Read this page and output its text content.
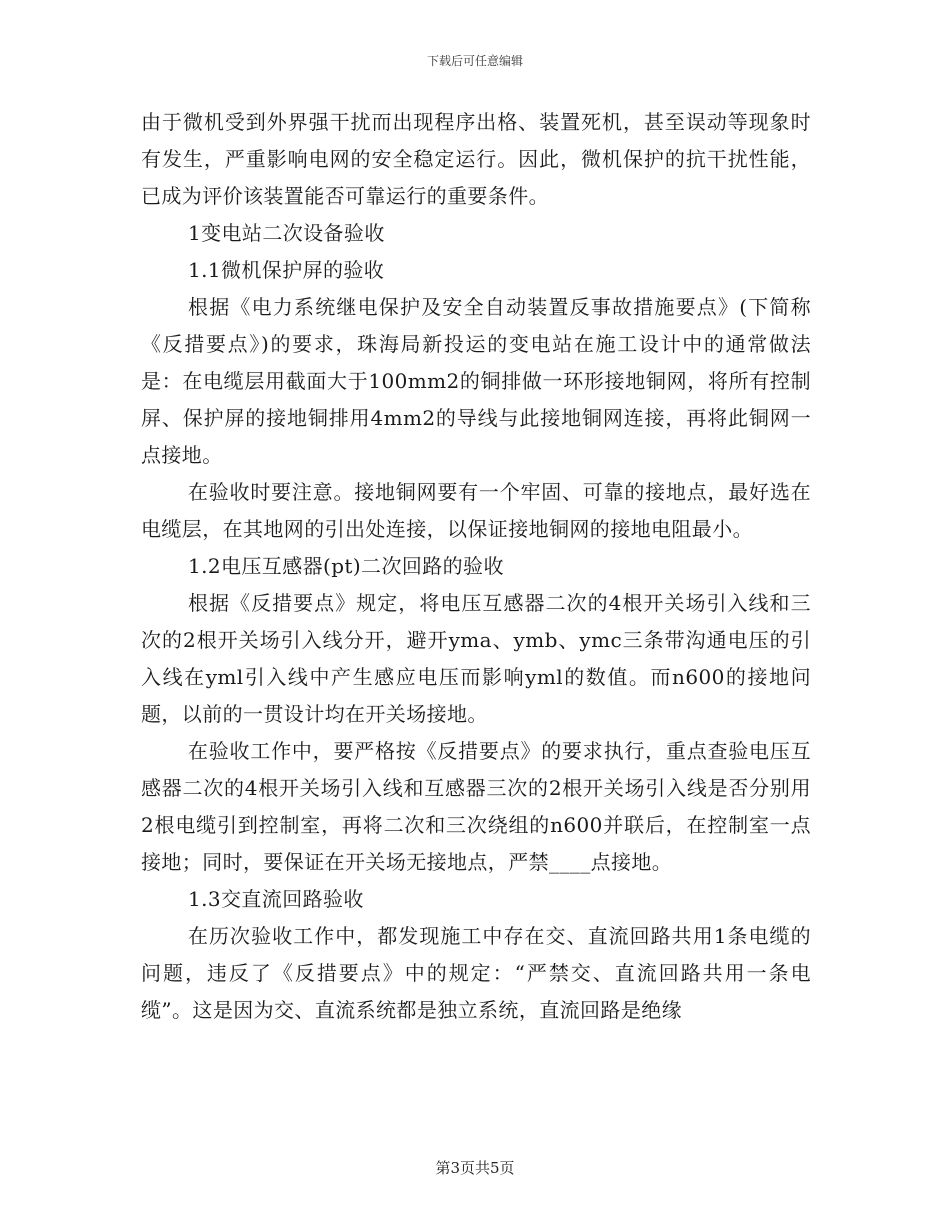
下载后可任意编辑

由于微机受到外界强干扰而出现程序出格、装置死机，甚至误动等现象时有发生，严重影响电网的安全稳定运行。因此，微机保护的抗干扰性能，已成为评价该装置能否可靠运行的重要条件。

1变电站二次设备验收
1.1微机保护屏的验收

根据《电力系统继电保护及安全自动装置反事故措施要点》(下简称《反措要点》)的要求，珠海局新投运的变电站在施工设计中的通常做法是：在电缆层用截面大于100mm2的铜排做一环形接地铜网，将所有控制屏、保护屏的接地铜排用4mm2的导线与此接地铜网连接，再将此铜网一点接地。

在验收时要注意。接地铜网要有一个牢固、可靠的接地点，最好选在电缆层，在其地网的引出处连接，以保证接地铜网的接地电阻最小。

1.2电压互感器(pt)二次回路的验收

根据《反措要点》规定，将电压互感器二次的4根开关场引入线和三次的2根开关场引入线分开，避开yma、ymb、ymc三条带沟通电压的引入线在yml引入线中产生感应电压而影响yml的数值。而n600的接地问题，以前的一贯设计均在开关场接地。

在验收工作中，要严格按《反措要点》的要求执行，重点查验电压互感器二次的4根开关场引入线和互感器三次的2根开关场引入线是否分别用2根电缆引到控制室，再将二次和三次绕组的n600并联后，在控制室一点接地；同时，要保证在开关场无接地点，严禁____点接地。

1.3交直流回路验收

在历次验收工作中，都发现施工中存在交、直流回路共用1条电缆的问题，违反了《反措要点》中的规定：“严禁交、直流回路共用一条电缆”。这是因为交、直流系统都是独立系统，直流回路是绝缘

第3页共5页
